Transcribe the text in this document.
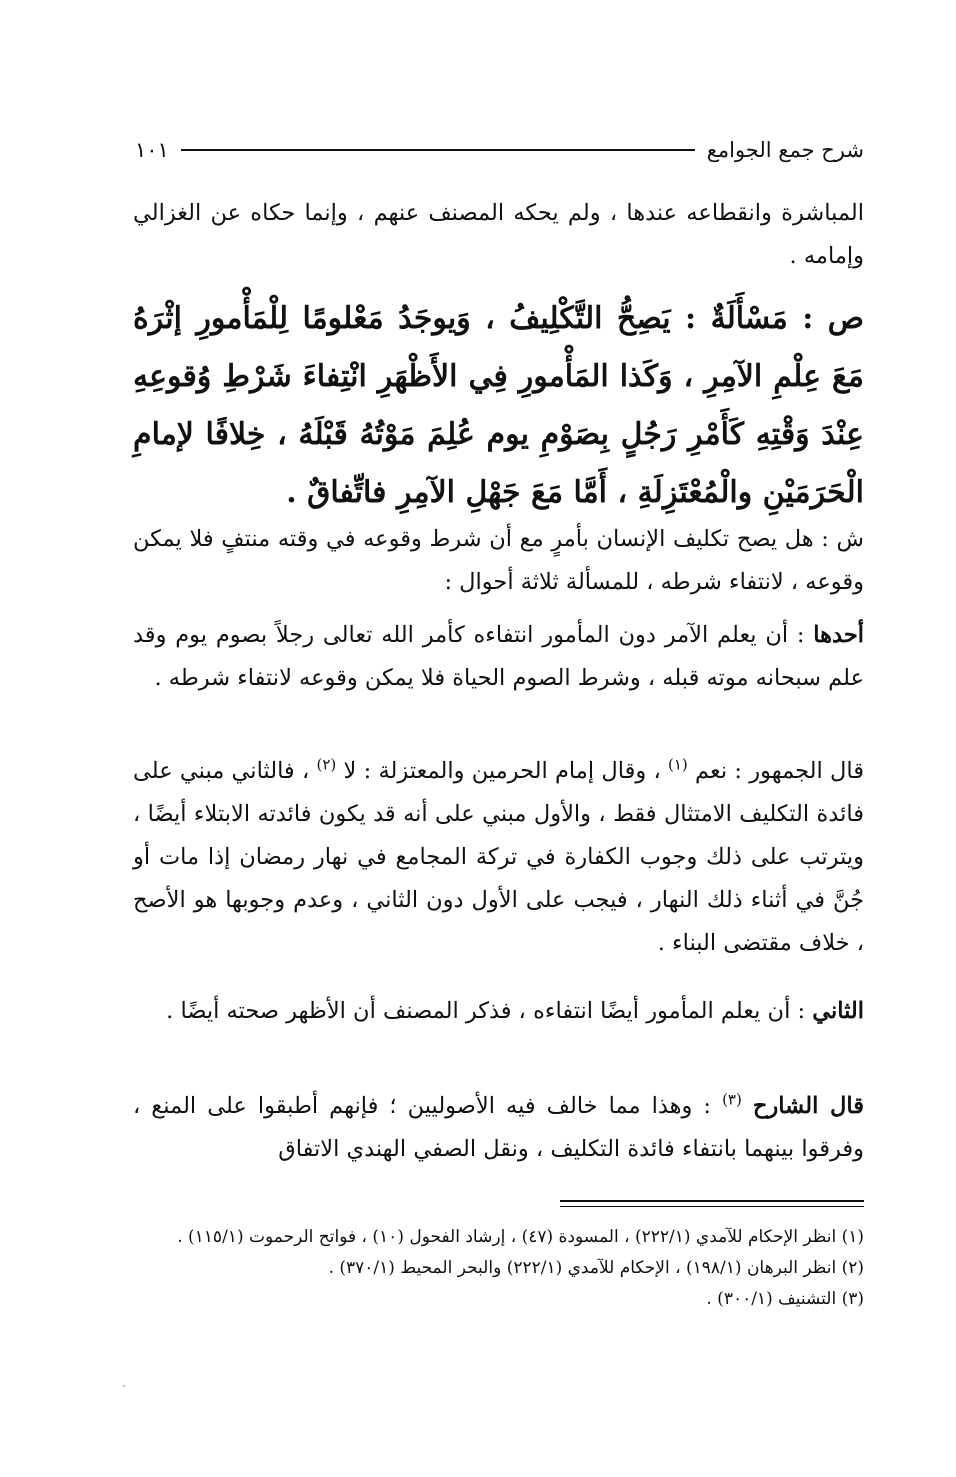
شرح جمع الجوامع
١٠١
المباشرة وانقطاعه عندها ، ولم يحكه المصنف عنهم ، وإنما حكاه عن الغزالي وإمامه .
ص : مَسْأَلَةٌ : يَصِحُّ التَّكْلِيفُ ، وَيوجَدُ مَعْلومًا لِلْمَأْمورِ إثْرَهُ مَعَ عِلْمِ الآمِرِ ، وَكَذا المَأْمورِ فِي الأَظْهَرِ انْتِفاءَ شَرْطِ وُقوعِهِ عِنْدَ وَقْتِهِ كَأَمْرِ رَجُلٍ بِصَوْمِ يوم عُلِمَ مَوْتُهُ قَبْلَهُ ، خِلافًا لإمامِ الْحَرَمَيْنِ والْمُعْتَزِلَةِ ، أَمَّا مَعَ جَهْلِ الآمِرِ فاتِّفاقٌ .
ش : هل يصح تكليف الإنسان بأمرٍ مع أن شرط وقوعه في وقته منتفٍ فلا يمكن وقوعه ، لانتفاء شرطه ، للمسألة ثلاثة أحوال :
أحدها : أن يعلم الآمر دون المأمور انتفاءه كأمر الله تعالى رجلاً بصوم يوم وقد علم سبحانه موته قبله ، وشرط الصوم الحياة فلا يمكن وقوعه لانتفاء شرطه .
قال الجمهور : نعم $^{(١)}$ ، وقال إمام الحرمين والمعتزلة : لا $^{(٢)}$ ، فالثاني مبني على فائدة التكليف الامتثال فقط ، والأول مبني على أنه قد يكون فائدته الابتلاء أيضًا ، ويترتب على ذلك وجوب الكفارة في تركة المجامع في نهار رمضان إذا مات أو جُنَّ في أثناء ذلك النهار ، فيجب على الأول دون الثاني ، وعدم وجوبها هو الأصح ، خلاف مقتضى البناء .
الثاني : أن يعلم المأمور أيضًا انتفاءه ، فذكر المصنف أن الأظهر صحته أيضًا .
قال الشارح $^{(٣)}$ : وهذا مما خالف فيه الأصوليين ؛ فإنهم أطبقوا على المنع ، وفرقوا بينهما بانتفاء فائدة التكليف ، ونقل الصفي الهندي الاتفاق
(١) انظر الإحكام للآمدي (٢٢٢/١) ، المسودة (٤٧) ، إرشاد الفحول (١٠) ، فواتح الرحموت (١١٥/١) .
(٢) انظر البرهان (١٩٨/١) ، الإحكام للآمدي (٢٢٢/١) والبحر المحيط (٣٧٠/١) .
(٣) التشنيف (٣٠٠/١) .
